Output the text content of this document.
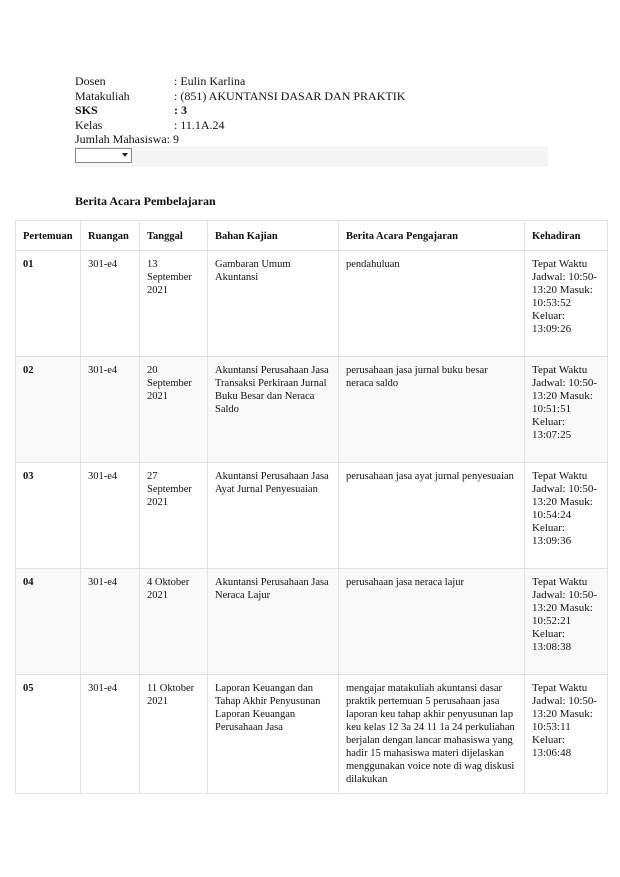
Dosen	: Eulin Karlina
Matakuliah	: (851) AKUNTANSI DASAR DAN PRAKTIK
SKS	: 3
Kelas	: 11.1A.24
Jumlah Mahasiswa : 9
Berita Acara Pembelajaran
Pertemuan	Ruangan	Tanggal	Bahan Kajian	Berita Acara Pengajaran	Kehadiran
01	301-e4	13 September 2021	Gambaran Umum Akuntansi	pendahuluan	Tepat Waktu Jadwal: 10:50-13:20 Masuk: 10:53:52 Keluar: 13:09:26
02	301-e4	20 September 2021	Akuntansi Perusahaan Jasa Transaksi Perkiraan Jurnal Buku Besar dan Neraca Saldo	perusahaan jasa jurnal buku besar neraca saldo	Tepat Waktu Jadwal: 10:50-13:20 Masuk: 10:51:51 Keluar: 13:07:25
03	301-e4	27 September 2021	Akuntansi Perusahaan Jasa Ayat Jurnal Penyesuaian	perusahaan jasa ayat jurnal penyesuaian	Tepat Waktu Jadwal: 10:50-13:20 Masuk: 10:54:24 Keluar: 13:09:36
04	301-e4	4 Oktober 2021	Akuntansi Perusahaan Jasa Neraca Lajur	perusahaan jasa neraca lajur	Tepat Waktu Jadwal: 10:50-13:20 Masuk: 10:52:21 Keluar: 13:08:38
05	301-e4	11 Oktober 2021	Laporan Keuangan dan Tahap Akhir Penyusunan Laporan Keuangan Perusahaan Jasa	mengajar matakuliah akuntansi dasar praktik pertemuan 5 perusahaan jasa laporan keu tahap akhir penyusunan lap keu kelas 12 3a 24 11 1a 24 perkuliahan berjalan dengan lancar mahasiswa yang hadir 15 mahasiswa materi dijelaskan menggunakan voice note di wag diskusi dilakukan	Tepat Waktu Jadwal: 10:50-13:20 Masuk: 10:53:11 Keluar: 13:06:48
